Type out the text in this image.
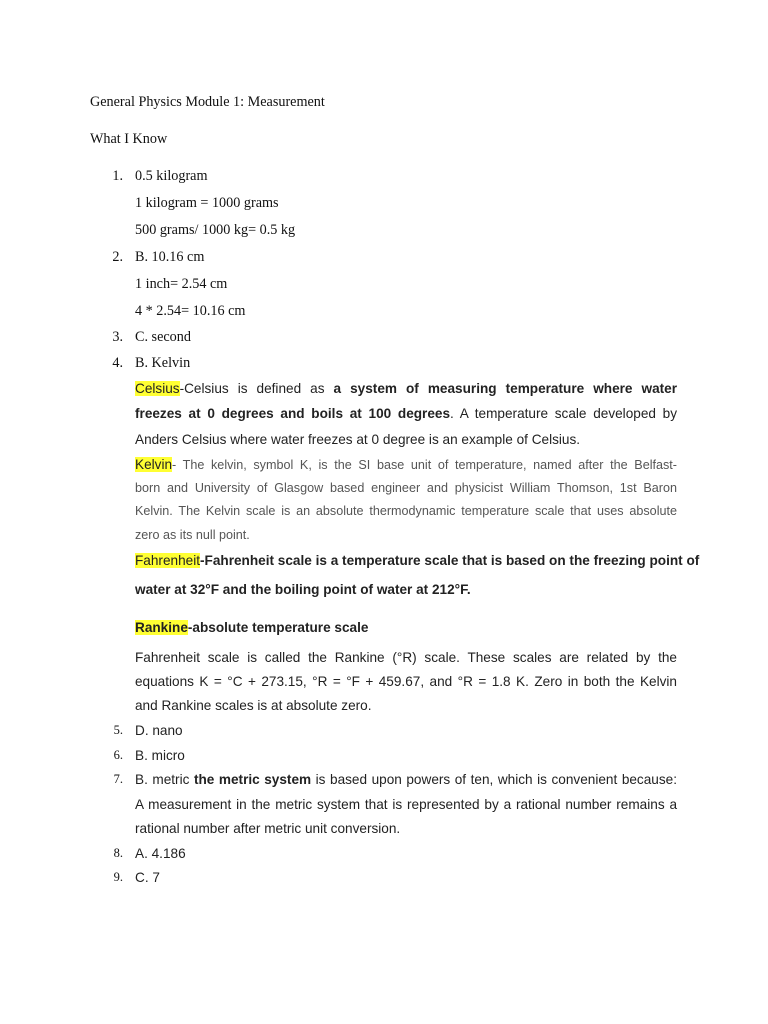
General Physics Module 1: Measurement
What I Know
1. 0.5 kilogram
1 kilogram = 1000 grams
500 grams/ 1000 kg= 0.5 kg
2. B. 10.16 cm
1 inch= 2.54 cm
4 * 2.54= 10.16 cm
3. C. second
4. B. Kelvin
Celsius-Celsius is defined as a system of measuring temperature where water
freezes at 0 degrees and boils at 100 degrees. A temperature scale developed by
Anders Celsius where water freezes at 0 degree is an example of Celsius.
Kelvin- The kelvin, symbol K, is the SI base unit of temperature, named after the Belfast-
born and University of Glasgow based engineer and physicist William Thomson, 1st Baron
Kelvin. The Kelvin scale is an absolute thermodynamic temperature scale that uses absolute
zero as its null point.
Fahrenheit-Fahrenheit scale is a temperature scale that is based on the freezing point of
water at 32°F and the boiling point of water at 212°F.
Rankine-absolute temperature scale
Fahrenheit scale is called the Rankine (°R) scale. These scales are related by the
equations K = °C + 273.15, °R = °F + 459.67, and °R = 1.8 K. Zero in both the Kelvin
and Rankine scales is at absolute zero.
5. D. nano
6. B. micro
7. B. metric the metric system is based upon powers of ten, which is convenient because:
A measurement in the metric system that is represented by a rational number remains a
rational number after metric unit conversion.
8. A. 4.186
9. C. 7
